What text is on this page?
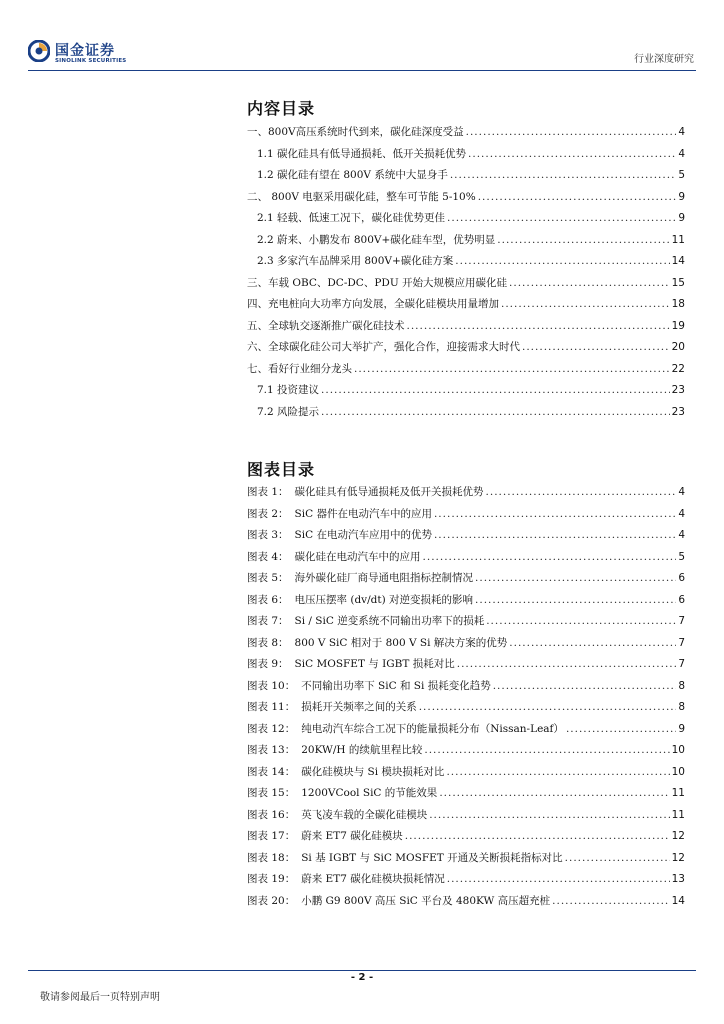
国金证券
SINOLINK SECURITIES	行业深度研究
内容目录
一、800V高压系统时代到来，碳化硅深度受益 .....	4
1.1 碳化硅具有低导通损耗、低开关损耗优势 .....	4
1.2 碳化硅有望在 800V 系统中大显身手 .....	5
二、 800V 电驱采用碳化硅，整车可节能 5-10% .....	9
2.1 轻载、低速工况下，碳化硅优势更佳 .....	9
2.2 蔚来、小鹏发布 800V+碳化硅车型，优势明显 .....	11
2.3 多家汽车品牌采用 800V+碳化硅方案 .....	14
三、车载 OBC、DC-DC、PDU 开始大规模应用碳化硅 .....	15
四、充电桩向大功率方向发展，全碳化硅模块用量增加 .....	18
五、全球轨交逐渐推广碳化硅技术 .....	19
六、全球碳化硅公司大举扩产，强化合作，迎接需求大时代 .....	20
七、看好行业细分龙头 .....	22
7.1 投资建议 .....	23
7.2 风险提示 .....	23
图表目录
图表 1： 碳化硅具有低导通损耗及低开关损耗优势 .....	4
图表 2： SiC 器件在电动汽车中的应用 .....	4
图表 3： SiC 在电动汽车应用中的优势 .....	4
图表 4： 碳化硅在电动汽车中的应用 .....	5
图表 5： 海外碳化硅厂商导通电阻指标控制情况 .....	6
图表 6： 电压压摆率 (dv/dt) 对逆变损耗的影响 .....	6
图表 7： Si / SiC 逆变系统不同输出功率下的损耗 .....	7
图表 8： 800 V SiC 相对于 800 V Si 解决方案的优势 .....	7
图表 9： SiC MOSFET 与 IGBT 损耗对比 .....	7
图表 10： 不同输出功率下 SiC 和 Si 损耗变化趋势 .....	8
图表 11： 损耗开关频率之间的关系 .....	8
图表 12： 纯电动汽车综合工况下的能量损耗分布（Nissan-Leaf） .....	9
图表 13： 20KW/H 的续航里程比较 .....	10
图表 14： 碳化硅模块与 Si 模块损耗对比 .....	10
图表 15： 1200VCool SiC 的节能效果 .....	11
图表 16： 英飞凌车载的全碳化硅模块 .....	11
图表 17： 蔚来 ET7 碳化硅模块 .....	12
图表 18： Si 基 IGBT 与 SiC MOSFET 开通及关断损耗指标对比 .....	12
图表 19： 蔚来 ET7 碳化硅模块损耗情况 .....	13
图表 20： 小鹏 G9 800V 高压 SiC 平台及 480KW 高压超充桩 .....	14
- 2 -
敬请参阅最后一页特别声明
